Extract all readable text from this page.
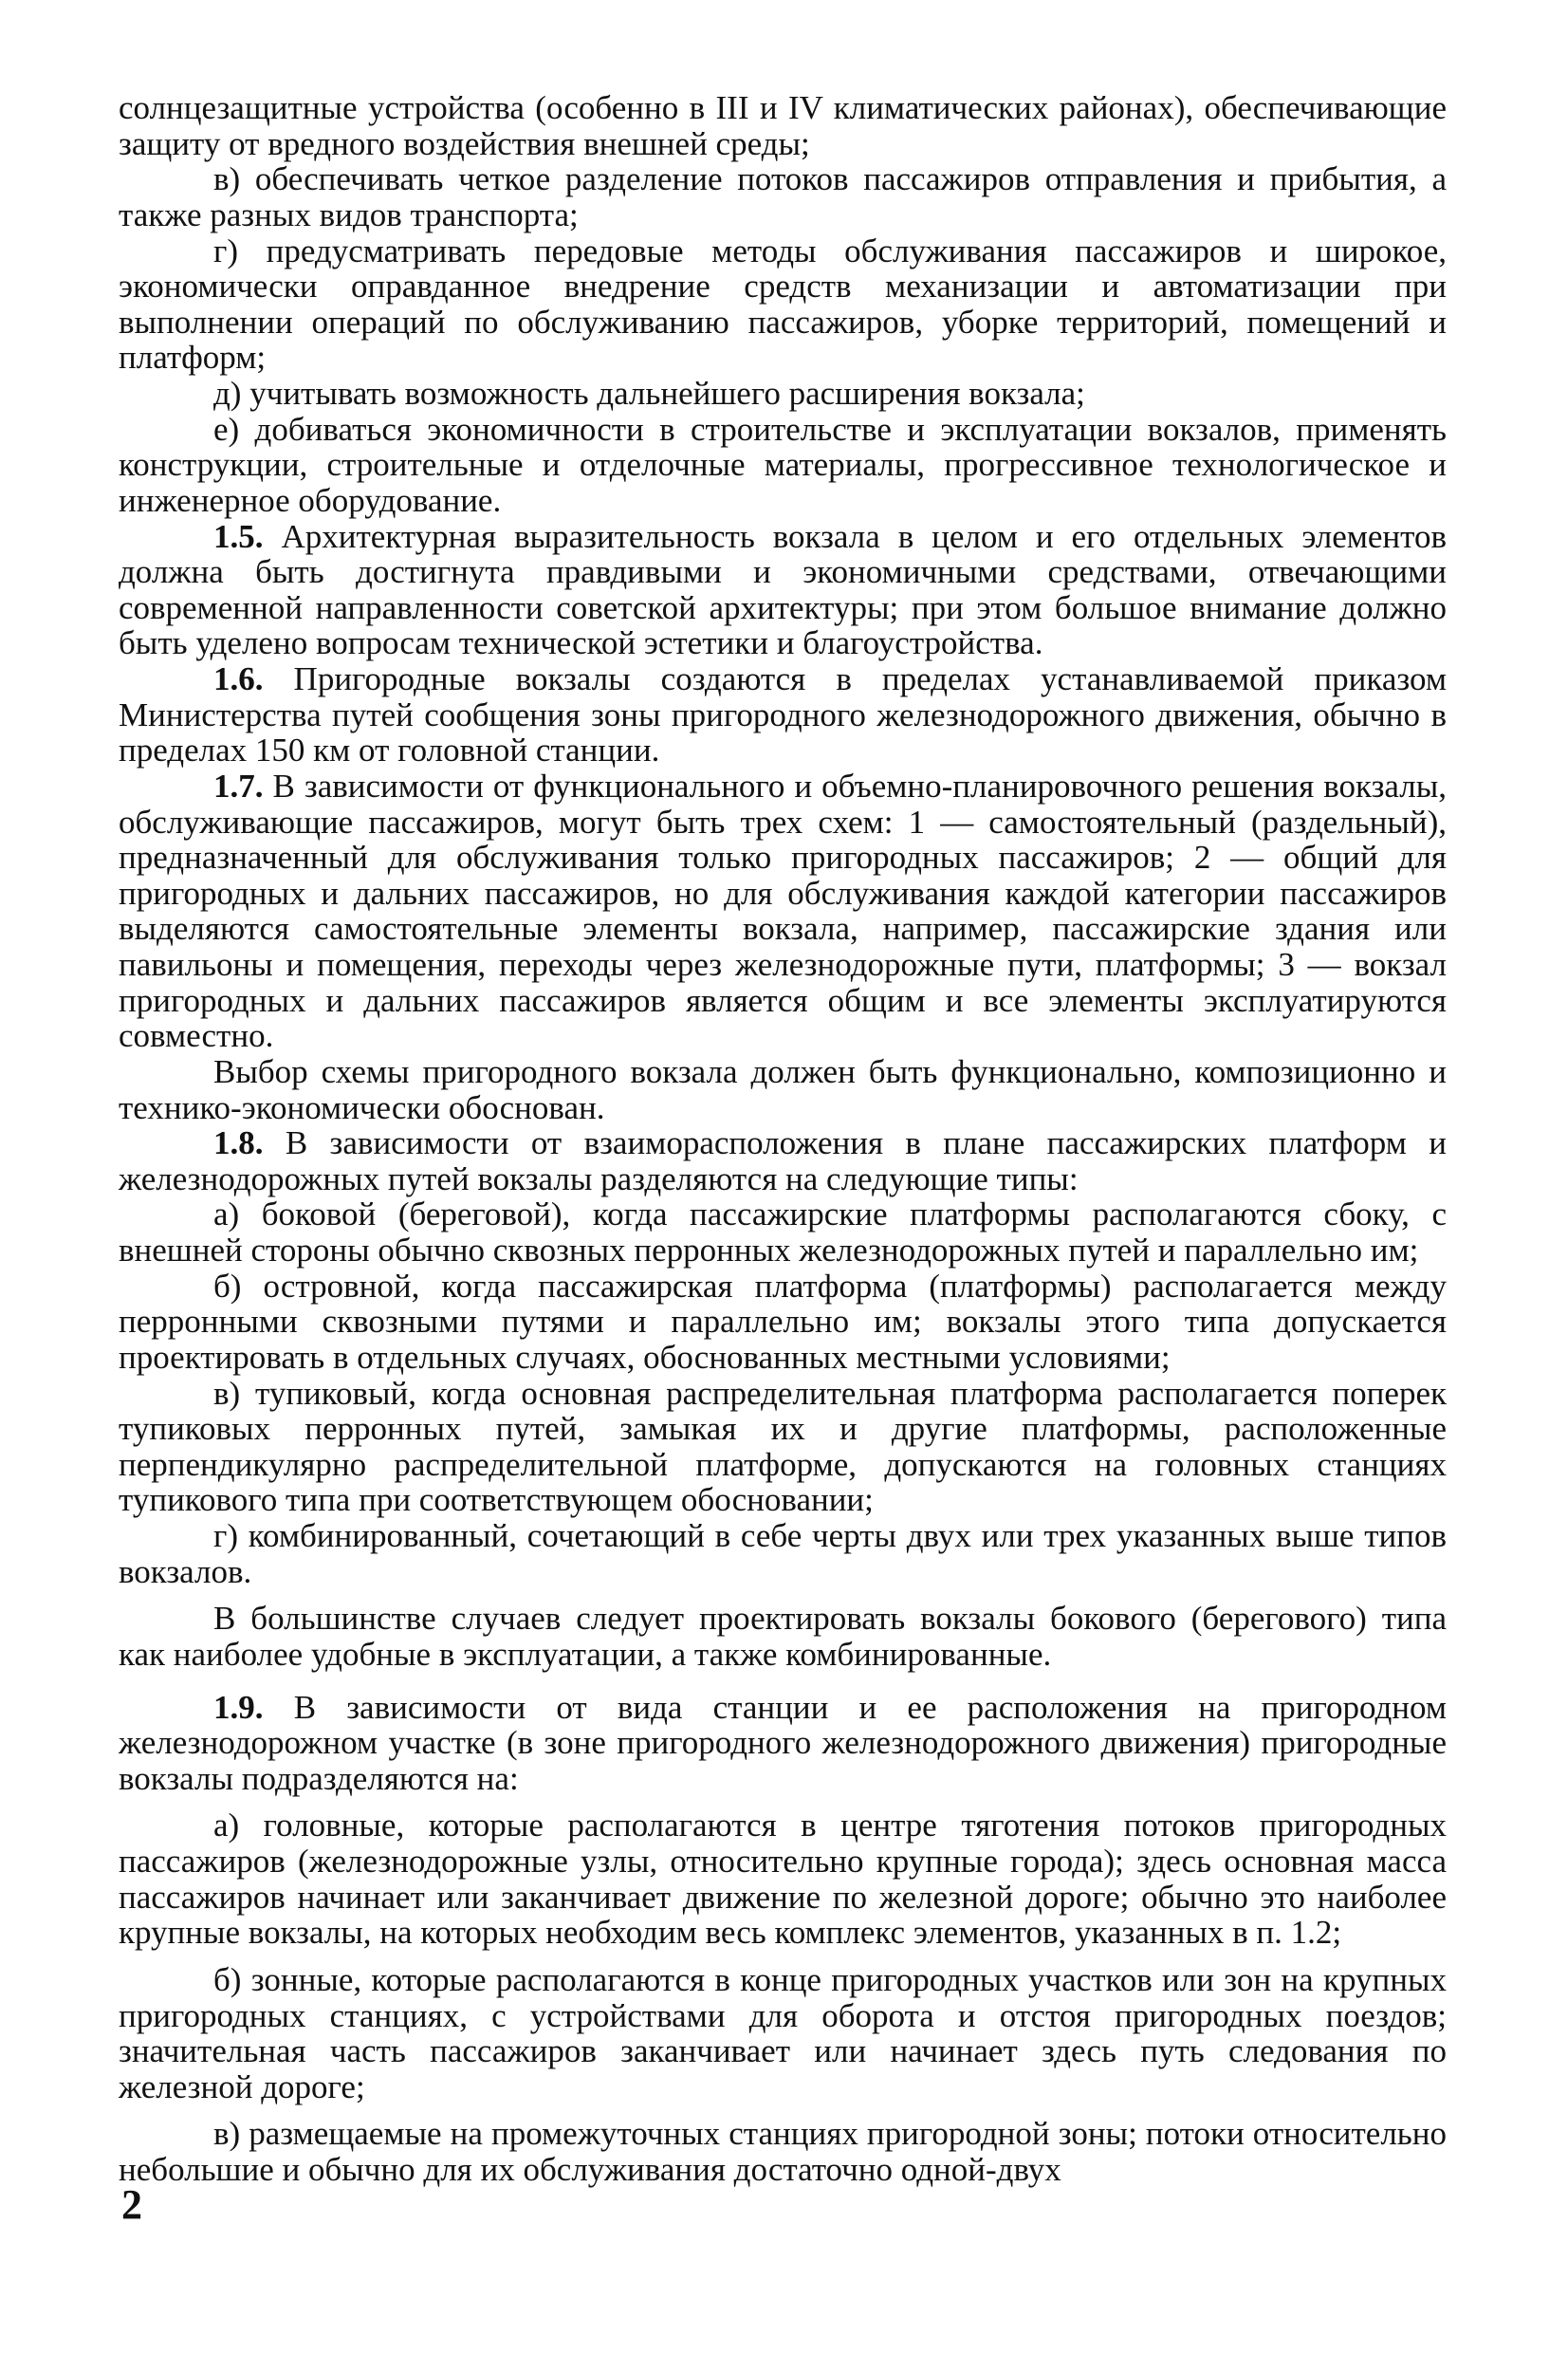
солнцезащитные устройства (особенно в III и IV климатических районах), обеспечивающие защиту от вредного воздействия внешней среды;

в) обеспечивать четкое разделение потоков пассажиров отправления и прибытия, а также разных видов транспорта;

г) предусматривать передовые методы обслуживания пассажиров и широкое, экономически оправданное внедрение средств механизации и автоматизации при выполнении операций по обслуживанию пассажиров, уборке территорий, помещений и платформ;

д) учитывать возможность дальнейшего расширения вокзала;

е) добиваться экономичности в строительстве и эксплуатации вокзалов, применять конструкции, строительные и отделочные материалы, прогрессивное технологическое и инженерное оборудование.

1.5. Архитектурная выразительность вокзала в целом и его отдельных элементов должна быть достигнута правдивыми и экономичными средствами, отвечающими современной направленности советской архитектуры; при этом большое внимание должно быть уделено вопросам технической эстетики и благоустройства.

1.6. Пригородные вокзалы создаются в пределах устанавливаемой приказом Министерства путей сообщения зоны пригородного железнодорожного движения, обычно в пределах 150 км от головной станции.

1.7. В зависимости от функционального и объемно-планировочного решения вокзалы, обслуживающие пассажиров, могут быть трех схем: 1 — самостоятельный (раздельный), предназначенный для обслуживания только пригородных пассажиров; 2 — общий для пригородных и дальних пассажиров, но для обслуживания каждой категории пассажиров выделяются самостоятельные элементы вокзала, например, пассажирские здания или павильоны и помещения, переходы через железнодорожные пути, платформы; 3 — вокзал пригородных и дальних пассажиров является общим и все элементы эксплуатируются совместно.

Выбор схемы пригородного вокзала должен быть функционально, композиционно и технико-экономически обоснован.

1.8. В зависимости от взаиморасположения в плане пассажирских платформ и железнодорожных путей вокзалы разделяются на следующие типы:

а) боковой (береговой), когда пассажирские платформы располагаются сбоку, с внешней стороны обычно сквозных перронных железнодорожных путей и параллельно им;

б) островной, когда пассажирская платформа (платформы) располагается между перронными сквозными путями и параллельно им; вокзалы этого типа допускается проектировать в отдельных случаях, обоснованных местными условиями;

в) тупиковый, когда основная распределительная платформа располагается поперек тупиковых перронных путей, замыкая их и другие платформы, расположенные перпендикулярно распределительной платформе, допускаются на головных станциях тупикового типа при соответствующем обосновании;

г) комбинированный, сочетающий в себе черты двух или трех указанных выше типов вокзалов.

В большинстве случаев следует проектировать вокзалы бокового (берегового) типа как наиболее удобные в эксплуатации, а также комбинированные.

1.9. В зависимости от вида станции и ее расположения на пригородном железнодорожном участке (в зоне пригородного железнодорожного движения) пригородные вокзалы подразделяются на:

а) головные, которые располагаются в центре тяготения потоков пригородных пассажиров (железнодорожные узлы, относительно крупные города); здесь основная масса пассажиров начинает или заканчивает движение по железной дороге; обычно это наиболее крупные вокзалы, на которых необходим весь комплекс элементов, указанных в п. 1.2;

б) зонные, которые располагаются в конце пригородных участков или зон на крупных пригородных станциях, с устройствами для оборота и отстоя пригородных поездов; значительная часть пассажиров заканчивает или начинает здесь путь следования по железной дороге;

в) размещаемые на промежуточных станциях пригородной зоны; потоки относительно небольшие и обычно для их обслуживания достаточно одной-двух

2
